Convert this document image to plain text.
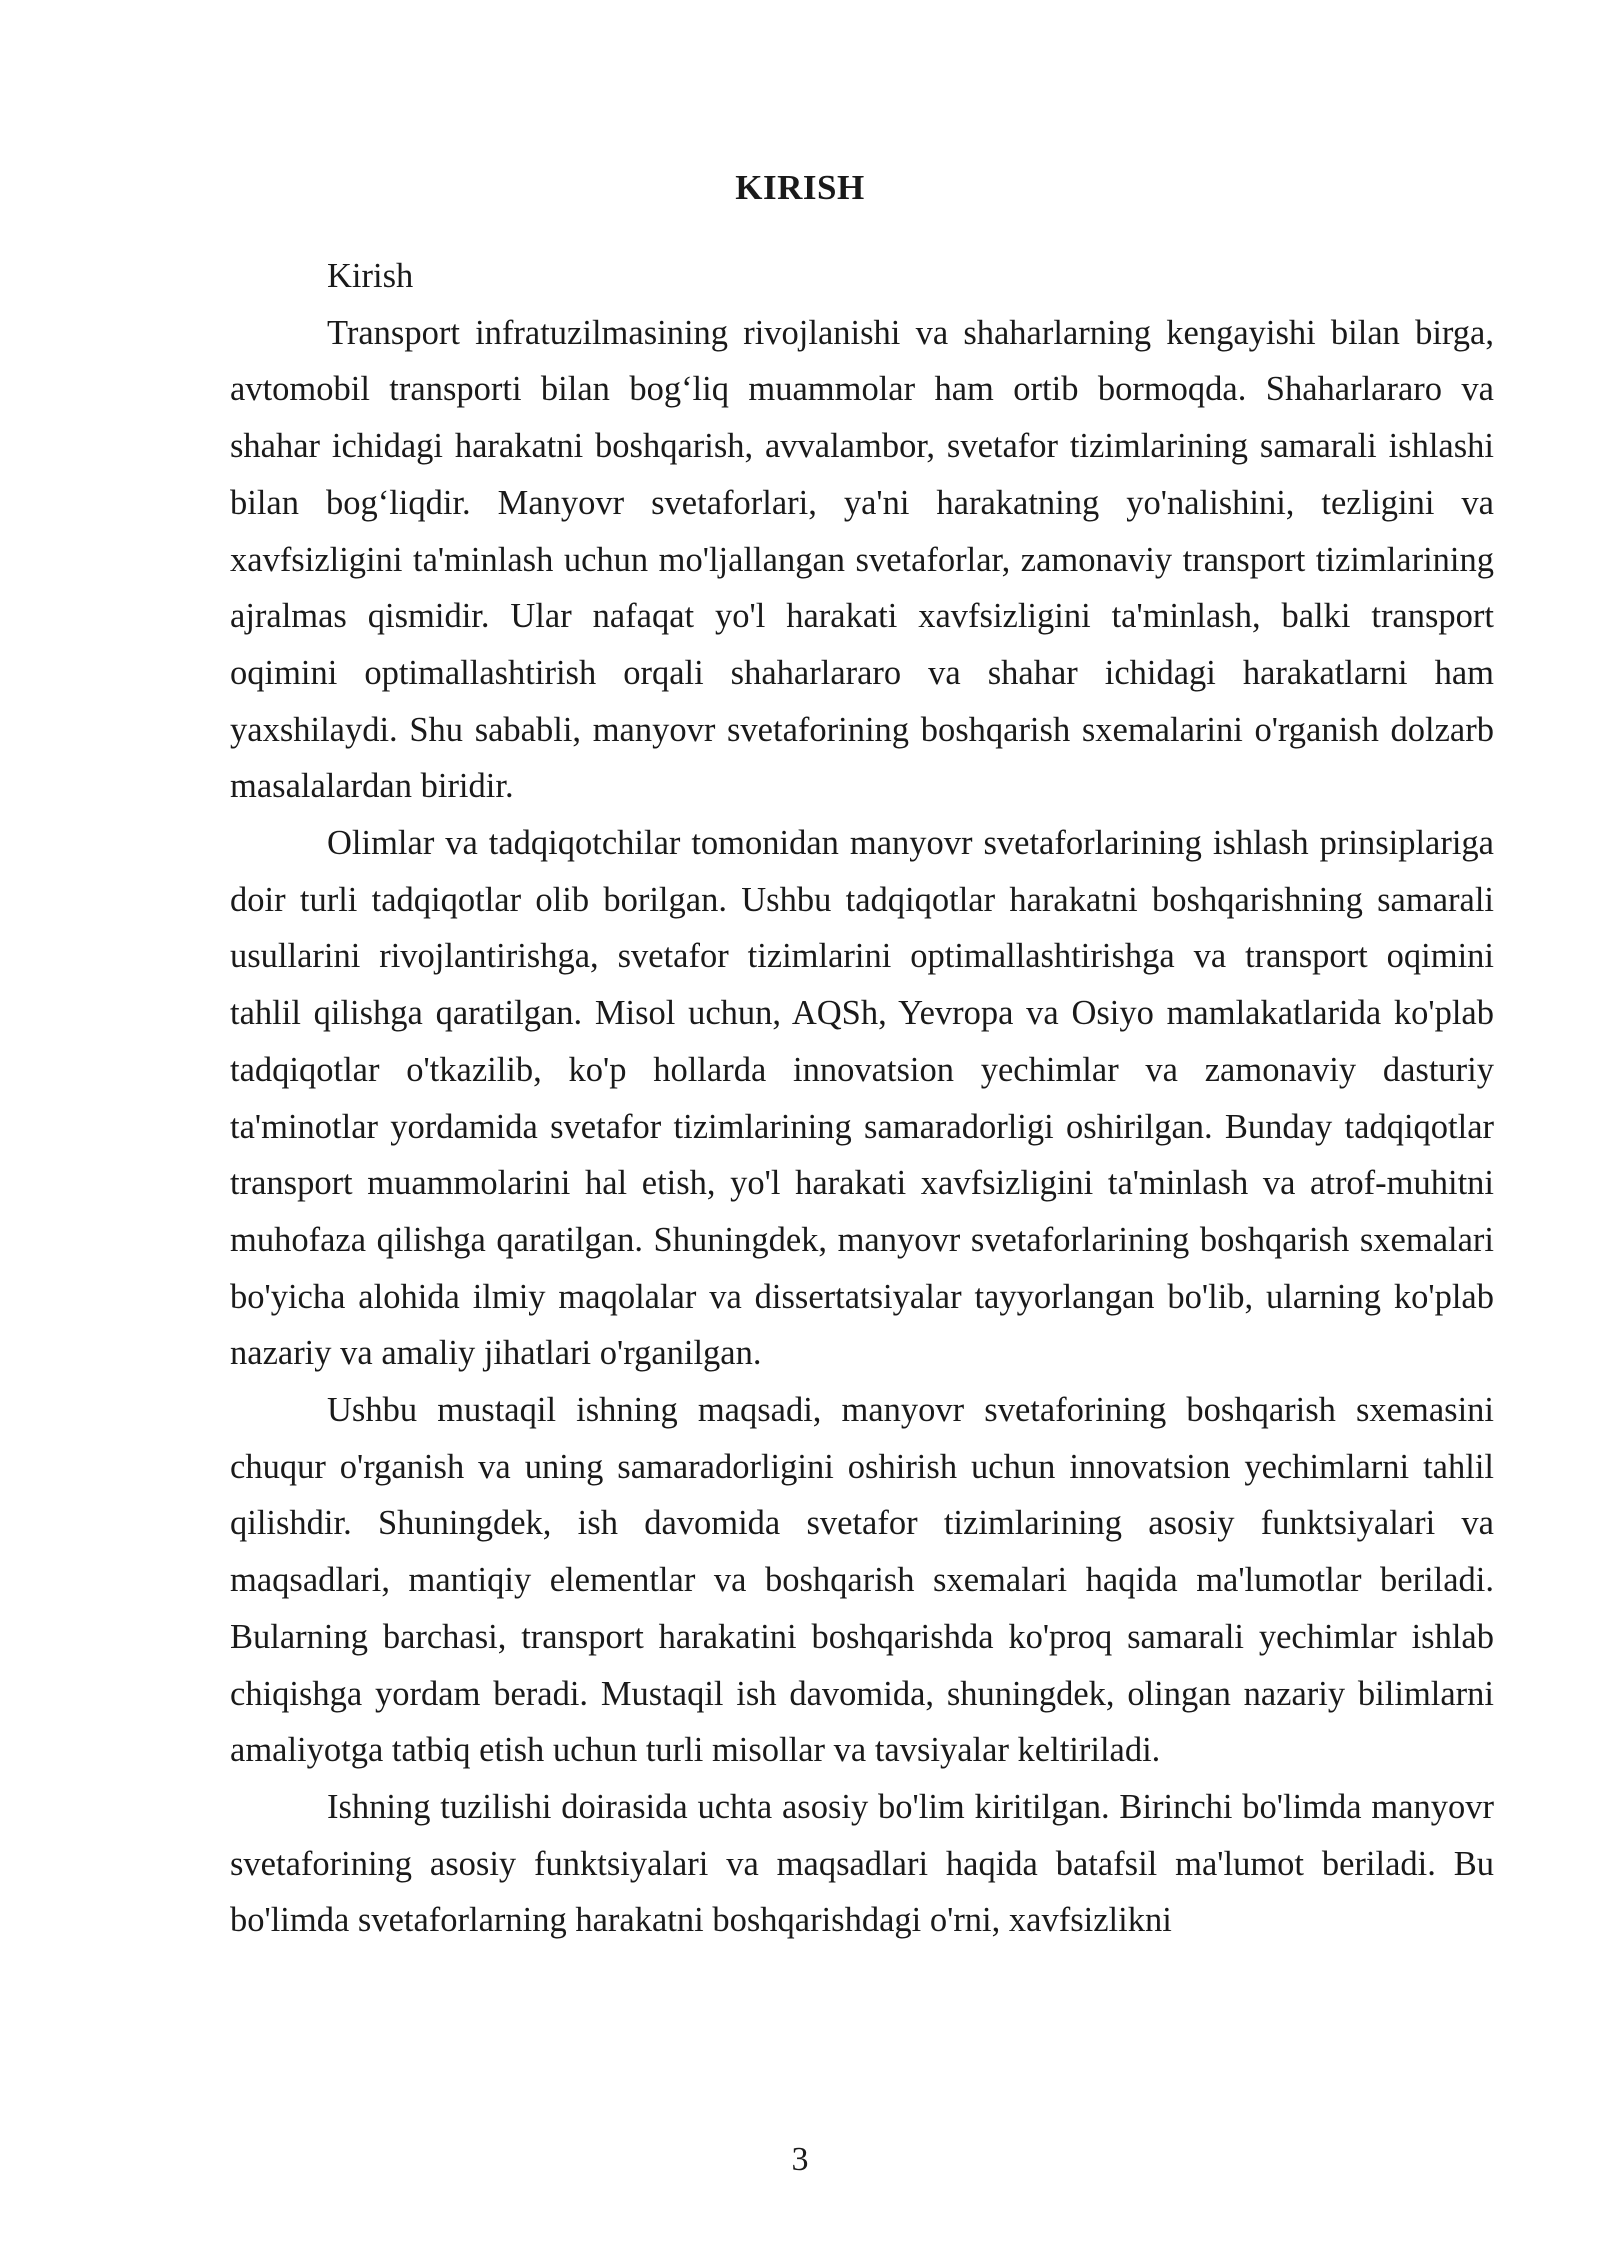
KIRISH

Kirish

Transport infratuzilmasining rivojlanishi va shaharlarning kengayishi bilan birga, avtomobil transporti bilan bog‘liq muammolar ham ortib bormoqda. Shaharlararo va shahar ichidagi harakatni boshqarish, avvalambor, svetafor tizimlarining samarali ishlashi bilan bog‘liqdir. Manyovr svetaforlari, ya'ni harakatning yo'nalishini, tezligini va xavfsizligini ta'minlash uchun mo'ljallangan svetaforlar, zamonaviy transport tizimlarining ajralmas qismidir. Ular nafaqat yo'l harakati xavfsizligini ta'minlash, balki transport oqimini optimallashtirish orqali shaharlararo va shahar ichidagi harakatlarni ham yaxshilaydi. Shu sababli, manyovr svetaforining boshqarish sxemalarini o'rganish dolzarb masalalardan biridir.

Olimlar va tadqiqotchilar tomonidan manyovr svetaforlarining ishlash prinsiplariga doir turli tadqiqotlar olib borilgan. Ushbu tadqiqotlar harakatni boshqarishning samarali usullarini rivojlantirishga, svetafor tizimlarini optimallashtirishga va transport oqimini tahlil qilishga qaratilgan. Misol uchun, AQSh, Yevropa va Osiyo mamlakatlarida ko'plab tadqiqotlar o'tkazilib, ko'p hollarda innovatsion yechimlar va zamonaviy dasturiy ta'minotlar yordamida svetafor tizimlarining samaradorligi oshirilgan. Bunday tadqiqotlar transport muammolarini hal etish, yo'l harakati xavfsizligini ta'minlash va atrof-muhitni muhofaza qilishga qaratilgan. Shuningdek, manyovr svetaforlarining boshqarish sxemalari bo'yicha alohida ilmiy maqolalar va dissertatsiyalar tayyorlangan bo'lib, ularning ko'plab nazariy va amaliy jihatlari o'rganilgan.

Ushbu mustaqil ishning maqsadi, manyovr svetaforining boshqarish sxemasini chuqur o'rganish va uning samaradorligini oshirish uchun innovatsion yechimlarni tahlil qilishdir. Shuningdek, ish davomida svetafor tizimlarining asosiy funktsiyalari va maqsadlari, mantiqiy elementlar va boshqarish sxemalari haqida ma'lumotlar beriladi. Bularning barchasi, transport harakatini boshqarishda ko'proq samarali yechimlar ishlab chiqishga yordam beradi. Mustaqil ish davomida, shuningdek, olingan nazariy bilimlarni amaliyotga tatbiq etish uchun turli misollar va tavsiyalar keltiriladi.

Ishning tuzilishi doirasida uchta asosiy bo'lim kiritilgan. Birinchi bo'limda manyovr svetaforining asosiy funktsiyalari va maqsadlari haqida batafsil ma'lumot beriladi. Bu bo'limda svetaforlarning harakatni boshqarishdagi o'rni, xavfsizlikni

3
